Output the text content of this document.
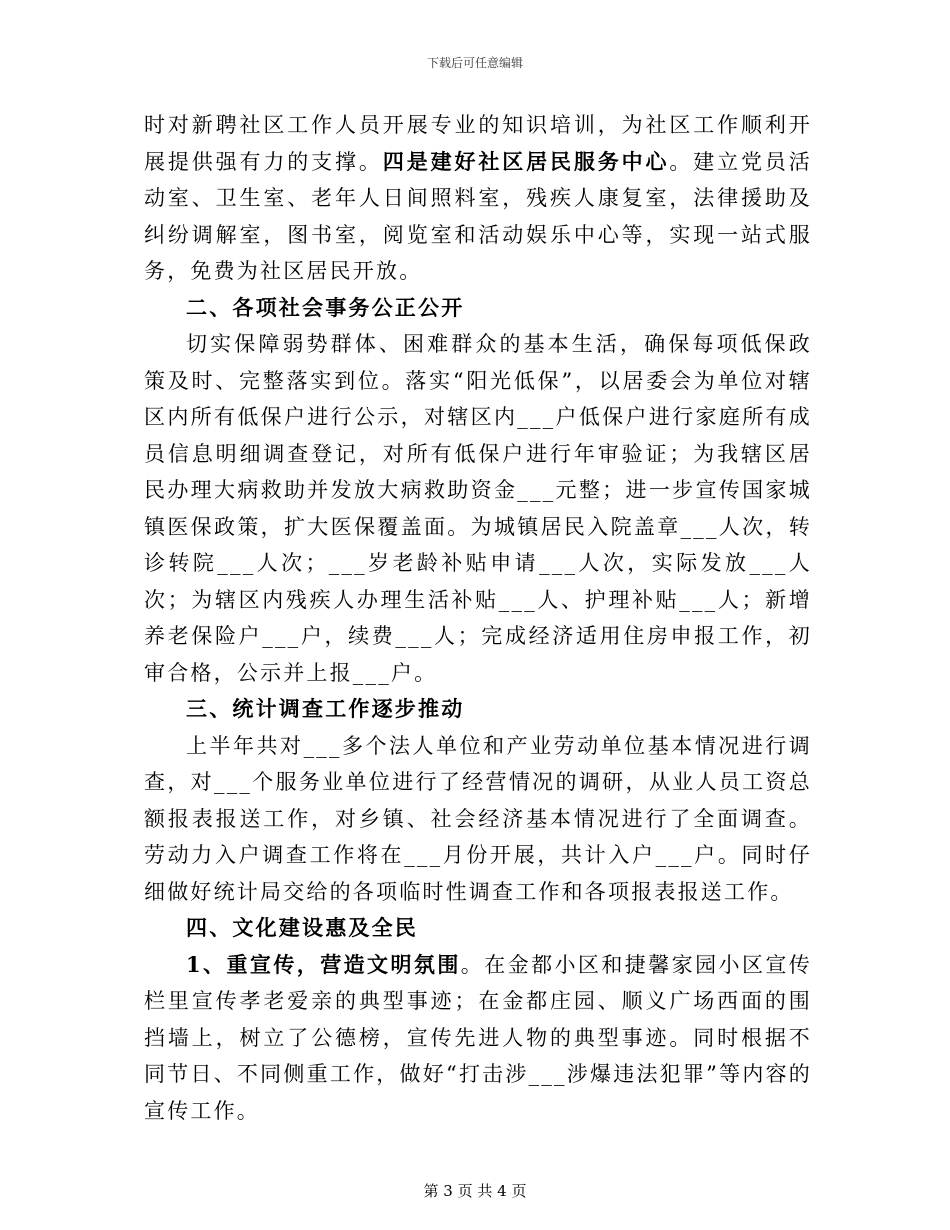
下载后可任意编辑

时对新聘社区工作人员开展专业的知识培训，为社区工作顺利开展提供强有力的支撑。四是建好社区居民服务中心。建立党员活动室、卫生室、老年人日间照料室，残疾人康复室，法律援助及纠纷调解室，图书室，阅览室和活动娱乐中心等，实现一站式服务，免费为社区居民开放。

二、各项社会事务公正公开

切实保障弱势群体、困难群众的基本生活，确保每项低保政策及时、完整落实到位。落实“阳光低保”，以居委会为单位对辖区内所有低保户进行公示，对辖区内___户低保户进行家庭所有成员信息明细调查登记，对所有低保户进行年审验证；为我辖区居民办理大病救助并发放大病救助资金___元整；进一步宣传国家城镇医保政策，扩大医保覆盖面。为城镇居民入院盖章___人次，转诊转院___人次；___岁老龄补贴申请___人次，实际发放___人次；为辖区内残疾人办理生活补贴___人、护理补贴___人；新增养老保险户___户，续费___人；完成经济适用住房申报工作，初审合格，公示并上报___户。

三、统计调查工作逐步推动

上半年共对___多个法人单位和产业劳动单位基本情况进行调查，对___个服务业单位进行了经营情况的调研，从业人员工资总额报表报送工作，对乡镇、社会经济基本情况进行了全面调查。劳动力入户调查工作将在___月份开展，共计入户___户。同时仔细做好统计局交给的各项临时性调查工作和各项报表报送工作。

四、文化建设惠及全民

1、重宣传，营造文明氛围。在金都小区和捷馨家园小区宣传栏里宣传孝老爱亲的典型事迹；在金都庄园、顺义广场西面的围挡墙上，树立了公德榜，宣传先进人物的典型事迹。同时根据不同节日、不同侧重工作，做好“打击涉___涉爆违法犯罪”等内容的宣传工作。

第 3 页 共 4 页
